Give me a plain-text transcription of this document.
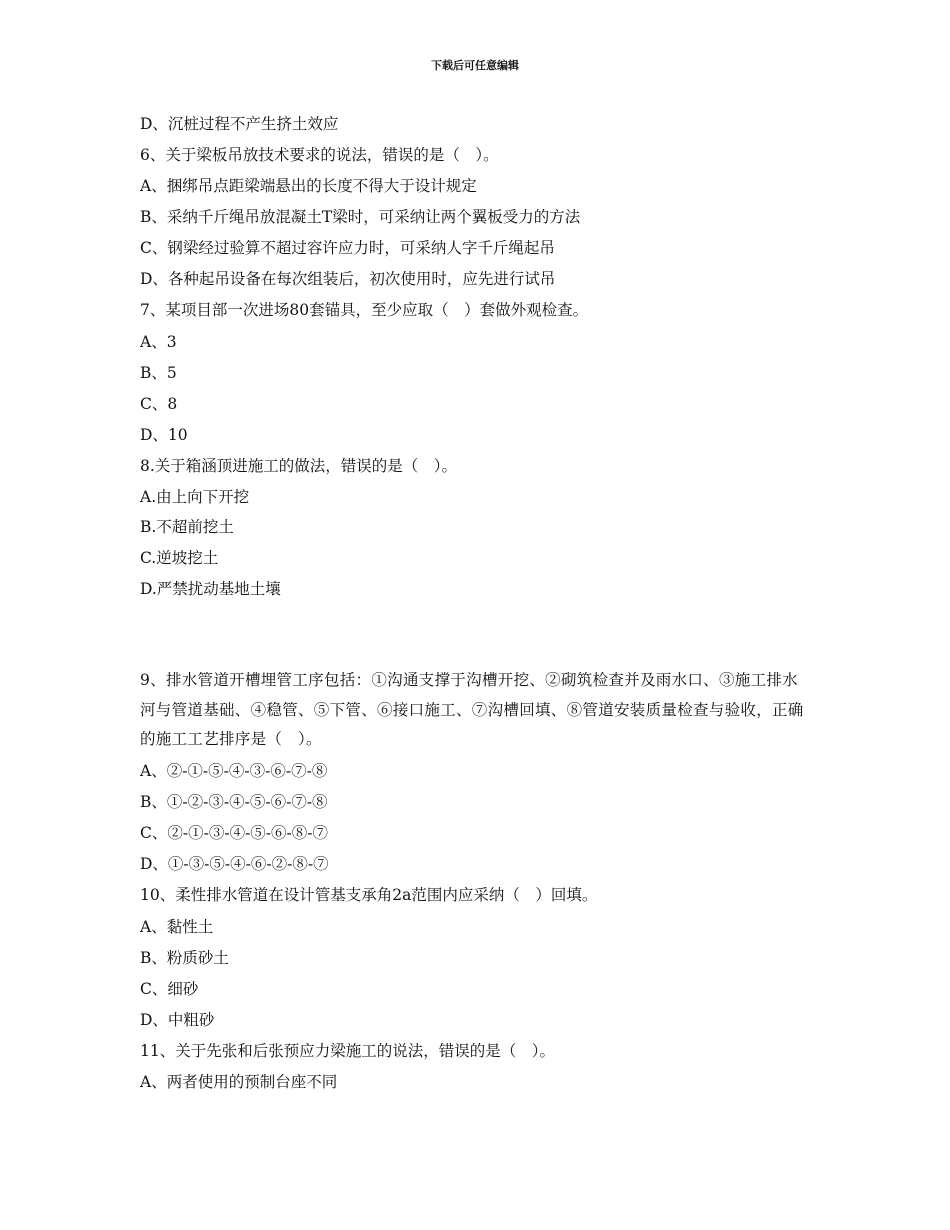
下载后可任意编辑
D、沉桩过程不产生挤土效应
6、关于梁板吊放技术要求的说法，错误的是（　）。
A、捆绑吊点距梁端悬出的长度不得大于设计规定
B、采纳千斤绳吊放混凝土T梁时，可采纳让两个翼板受力的方法
C、钢梁经过验算不超过容许应力时，可采纳人字千斤绳起吊
D、各种起吊设备在每次组装后，初次使用时，应先进行试吊
7、某项目部一次进场80套锚具，至少应取（　）套做外观检查。
A、3
B、5
C、8
D、10
8.关于箱涵顶进施工的做法，错误的是（　）。
A.由上向下开挖
B.不超前挖土
C.逆坡挖土
D.严禁扰动基地土壤
9、排水管道开槽埋管工序包括：①沟通支撑于沟槽开挖、②砌筑检查并及雨水口、③施工排水河与管道基础、④稳管、⑤下管、⑥接口施工、⑦沟槽回填、⑧管道安装质量检查与验收，正确的施工工艺排序是（　）。
A、②-①-⑤-④-③-⑥-⑦-⑧
B、①-②-③-④-⑤-⑥-⑦-⑧
C、②-①-③-④-⑤-⑥-⑧-⑦
D、①-③-⑤-④-⑥-②-⑧-⑦
10、柔性排水管道在设计管基支承角2a范围内应采纳（　）回填。
A、黏性土
B、粉质砂土
C、细砂
D、中粗砂
11、关于先张和后张预应力梁施工的说法，错误的是（　）。
A、两者使用的预制台座不同
